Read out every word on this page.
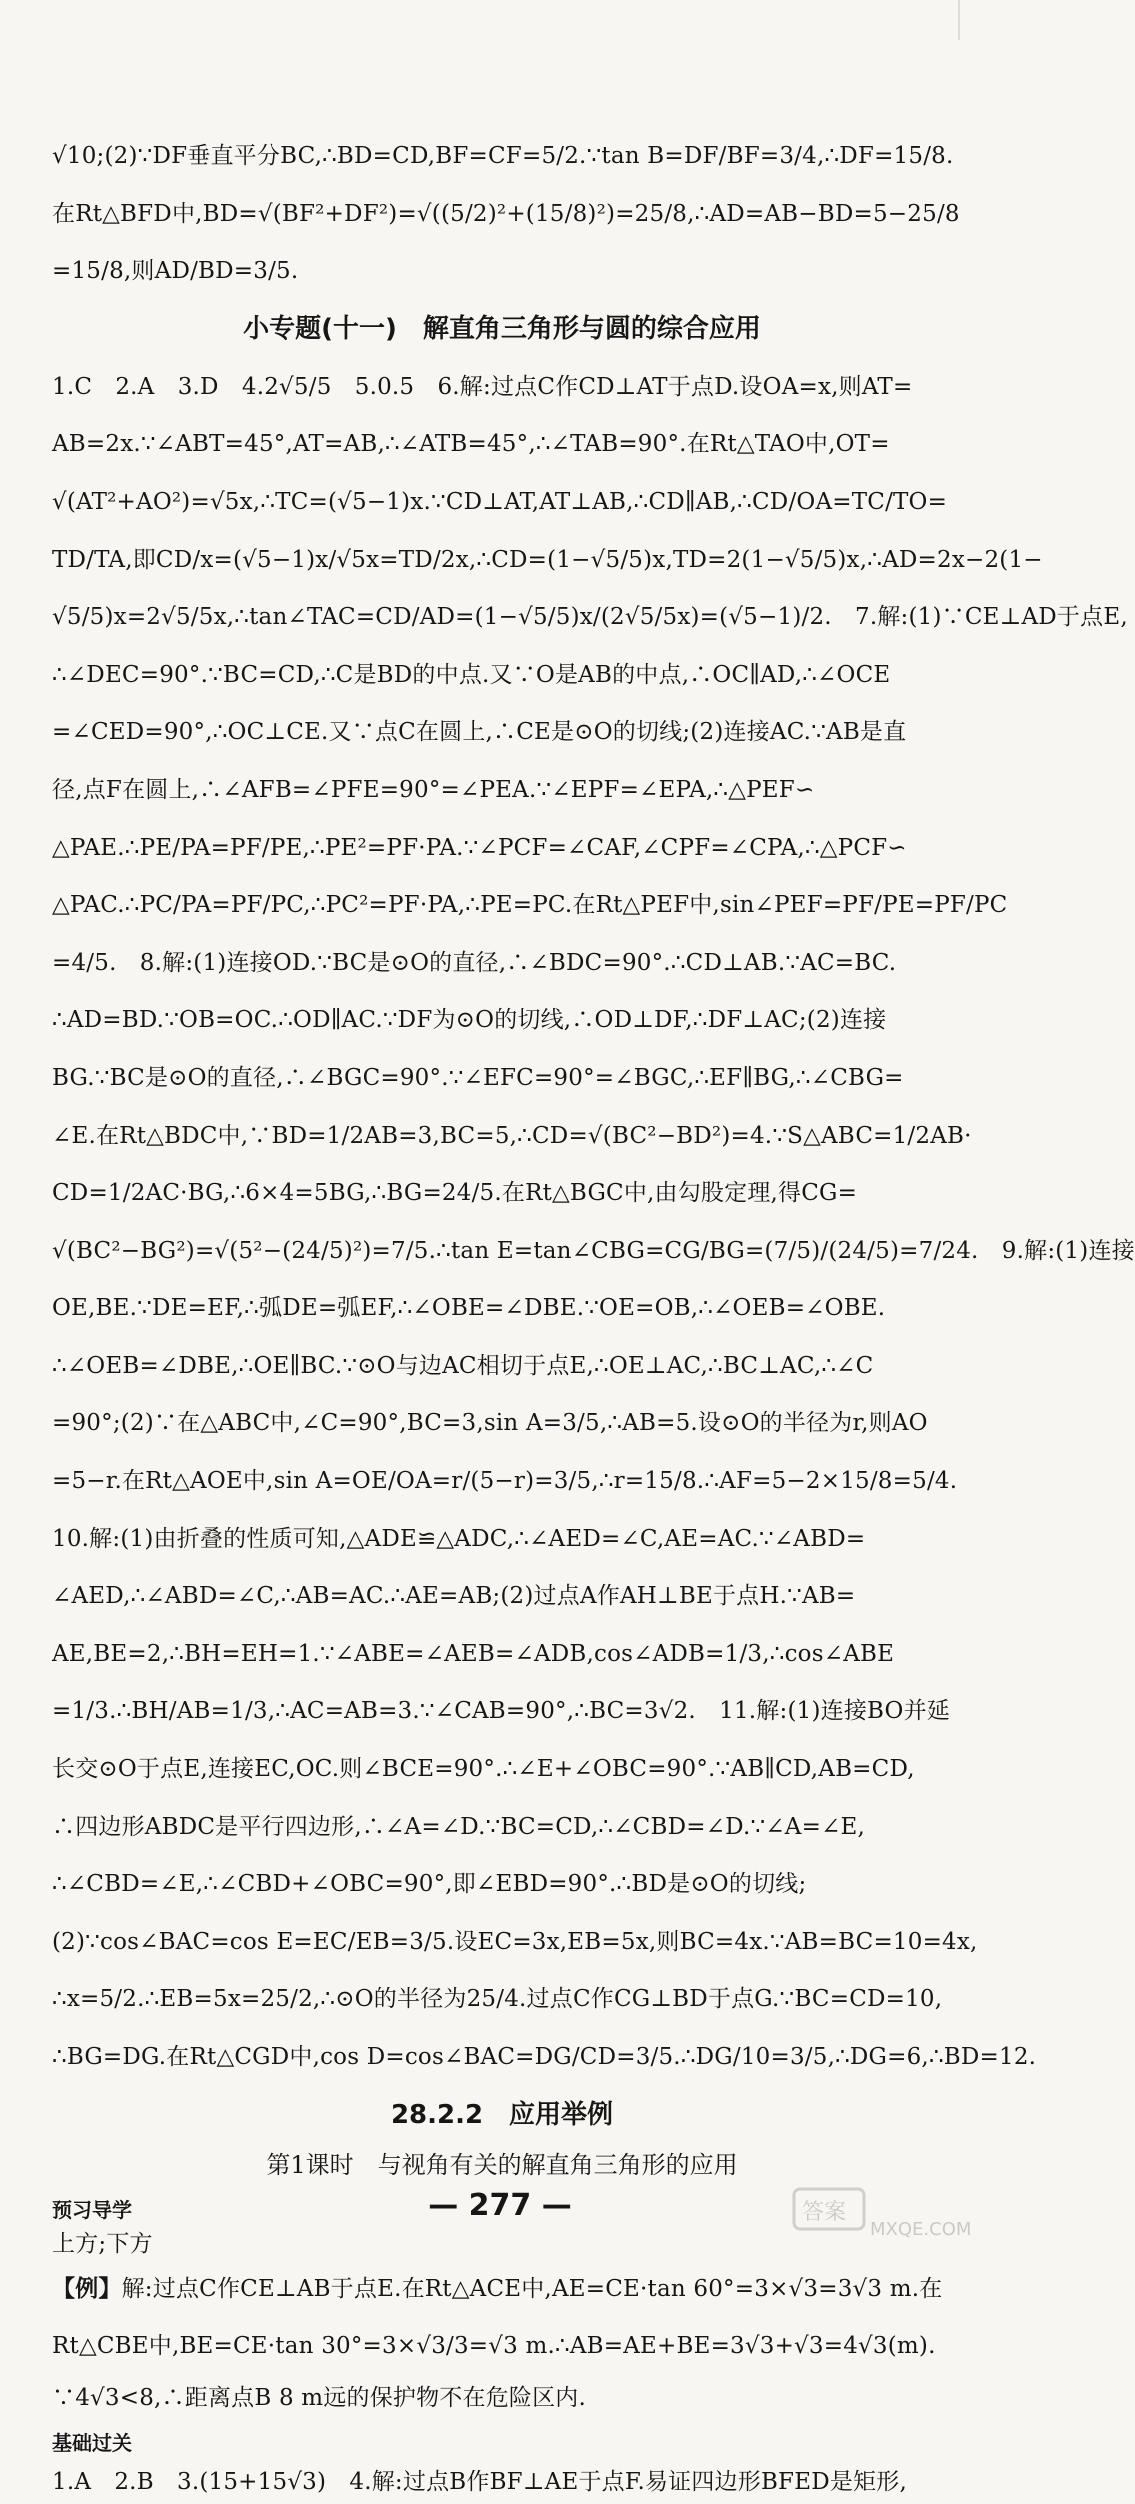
√10;(2)∵DF垂直平分BC,∴BD=CD,BF=CF=5/2.∵tan B=DF/BF=3/4,∴DF=15/8.

在Rt△BFD中,BD=√(BF²+DF²)=√((5/2)²+(15/8)²)=25/8,∴AD=AB−BD=5−25/8

=15/8,则AD/BD=3/5.

小专题(十一)　解直角三角形与圆的综合应用

1.C　2.A　3.D　4.2√5/5　5.0.5　6.解:过点C作CD⊥AT于点D.设OA=x,则AT=

AB=2x.∵∠ABT=45°,AT=AB,∴∠ATB=45°,∴∠TAB=90°.在Rt△TAO中,OT=

√(AT²+AO²)=√5x,∴TC=(√5−1)x.∵CD⊥AT,AT⊥AB,∴CD∥AB,∴CD/OA=TC/TO=

TD/TA,即CD/x=(√5−1)x/√5x=TD/2x,∴CD=(1−√5/5)x,TD=2(1−√5/5)x,∴AD=2x−2(1−

√5/5)x=2√5/5x,∴tan∠TAC=CD/AD=(1−√5/5)x/(2√5/5x)=(√5−1)/2.　7.解:(1)∵CE⊥AD于点E,

∴∠DEC=90°.∵BC=CD,∴C是BD的中点.又∵O是AB的中点,∴OC∥AD,∴∠OCE

=∠CED=90°,∴OC⊥CE.又∵点C在圆上,∴CE是⊙O的切线;(2)连接AC.∵AB是直

径,点F在圆上,∴∠AFB=∠PFE=90°=∠PEA.∵∠EPF=∠EPA,∴△PEF∽

△PAE.∴PE/PA=PF/PE,∴PE²=PF·PA.∵∠PCF=∠CAF,∠CPF=∠CPA,∴△PCF∽

△PAC.∴PC/PA=PF/PC,∴PC²=PF·PA,∴PE=PC.在Rt△PEF中,sin∠PEF=PF/PE=PF/PC

=4/5.　8.解:(1)连接OD.∵BC是⊙O的直径,∴∠BDC=90°.∴CD⊥AB.∵AC=BC.

∴AD=BD.∵OB=OC.∴OD∥AC.∵DF为⊙O的切线,∴OD⊥DF,∴DF⊥AC;(2)连接

BG.∵BC是⊙O的直径,∴∠BGC=90°.∵∠EFC=90°=∠BGC,∴EF∥BG,∴∠CBG=

∠E.在Rt△BDC中,∵BD=1/2AB=3,BC=5,∴CD=√(BC²−BD²)=4.∵S△ABC=1/2AB·

CD=1/2AC·BG,∴6×4=5BG,∴BG=24/5.在Rt△BGC中,由勾股定理,得CG=

√(BC²−BG²)=√(5²−(24/5)²)=7/5.∴tan E=tan∠CBG=CG/BG=(7/5)/(24/5)=7/24.　9.解:(1)连接

OE,BE.∵DE=EF,∴弧DE=弧EF,∴∠OBE=∠DBE.∵OE=OB,∴∠OEB=∠OBE.

∴∠OEB=∠DBE,∴OE∥BC.∵⊙O与边AC相切于点E,∴OE⊥AC,∴BC⊥AC,∴∠C

=90°;(2)∵在△ABC中,∠C=90°,BC=3,sin A=3/5,∴AB=5.设⊙O的半径为r,则AO

=5−r.在Rt△AOE中,sin A=OE/OA=r/(5−r)=3/5,∴r=15/8.∴AF=5−2×15/8=5/4.

10.解:(1)由折叠的性质可知,△ADE≌△ADC,∴∠AED=∠C,AE=AC.∵∠ABD=

∠AED,∴∠ABD=∠C,∴AB=AC.∴AE=AB;(2)过点A作AH⊥BE于点H.∵AB=

AE,BE=2,∴BH=EH=1.∵∠ABE=∠AEB=∠ADB,cos∠ADB=1/3,∴cos∠ABE

=1/3.∴BH/AB=1/3,∴AC=AB=3.∵∠CAB=90°,∴BC=3√2.　11.解:(1)连接BO并延

长交⊙O于点E,连接EC,OC.则∠BCE=90°.∴∠E+∠OBC=90°.∵AB∥CD,AB=CD,

∴四边形ABDC是平行四边形,∴∠A=∠D.∵BC=CD,∴∠CBD=∠D.∵∠A=∠E,

∴∠CBD=∠E,∴∠CBD+∠OBC=90°,即∠EBD=90°.∴BD是⊙O的切线;

(2)∵cos∠BAC=cos E=EC/EB=3/5.设EC=3x,EB=5x,则BC=4x.∵AB=BC=10=4x,

∴x=5/2.∴EB=5x=25/2,∴⊙O的半径为25/4.过点C作CG⊥BD于点G.∵BC=CD=10,

∴BG=DG.在Rt△CGD中,cos D=cos∠BAC=DG/CD=3/5.∴DG/10=3/5,∴DG=6,∴BD=12.

28.2.2　应用举例
第1课时　与视角有关的解直角三角形的应用
预习导学

上方;下方

【例】解:过点C作CE⊥AB于点E.在Rt△ACE中,AE=CE·tan 60°=3×√3=3√3 m.在

Rt△CBE中,BE=CE·tan 30°=3×√3/3=√3 m.∴AB=AE+BE=3√3+√3=4√3(m).

∵4√3<8,∴距离点B 8 m远的保护物不在危险区内.

基础过关

1.A　2.B　3.(15+15√3)　4.解:过点B作BF⊥AE于点F.易证四边形BFED是矩形,

— 277 —	答案
MXQE.COM
